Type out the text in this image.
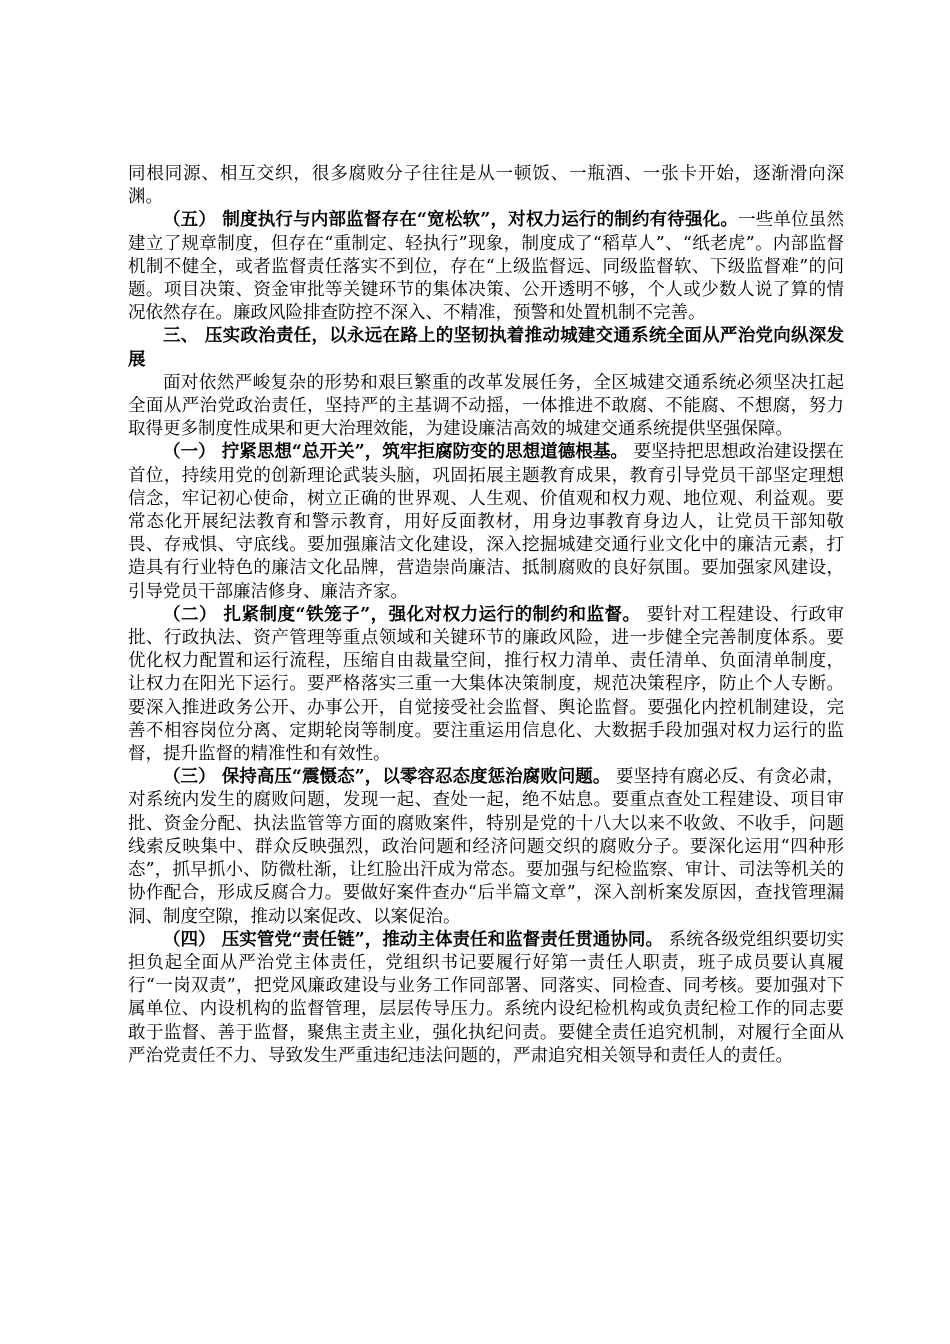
同根同源、相互交织，很多腐败分子往往是从一顿饭、一瓶酒、一张卡开始，逐渐滑向深渊。

（五） 制度执行与内部监督存在“宽松软”，对权力运行的制约有待强化。一些单位虽然建立了规章制度，但存在“重制定、轻执行”现象，制度成了“稻草人”、“纸老虎”。内部监督机制不健全，或者监督责任落实不到位，存在“上级监督远、同级监督软、下级监督难”的问题。项目决策、资金审批等关键环节的集体决策、公开透明不够，个人或少数人说了算的情况依然存在。廉政风险排查防控不深入、不精准，预警和处置机制不完善。

三、 压实政治责任，以永远在路上的坚韧执着推动城建交通系统全面从严治党向纵深发展

面对依然严峻复杂的形势和艰巨繁重的改革发展任务，全区城建交通系统必须坚决扛起全面从严治党政治责任，坚持严的主基调不动摇，一体推进不敢腐、不能腐、不想腐，努力取得更多制度性成果和更大治理效能，为建设廉洁高效的城建交通系统提供坚强保障。

（一） 拧紧思想“总开关”，筑牢拒腐防变的思想道德根基。 要坚持把思想政治建设摆在首位，持续用党的创新理论武装头脑，巩固拓展主题教育成果，教育引导党员干部坚定理想信念，牢记初心使命，树立正确的世界观、人生观、价值观和权力观、地位观、利益观。要常态化开展纪法教育和警示教育，用好反面教材，用身边事教育身边人，让党员干部知敬畏、存戒惧、守底线。要加强廉洁文化建设，深入挖掘城建交通行业文化中的廉洁元素，打造具有行业特色的廉洁文化品牌，营造崇尚廉洁、抵制腐败的良好氛围。要加强家风建设，引导党员干部廉洁修身、廉洁齐家。

（二） 扎紧制度“铁笼子”，强化对权力运行的制约和监督。 要针对工程建设、行政审批、行政执法、资产管理等重点领域和关键环节的廉政风险，进一步健全完善制度体系。要优化权力配置和运行流程，压缩自由裁量空间，推行权力清单、责任清单、负面清单制度，让权力在阳光下运行。要严格落实三重一大集体决策制度，规范决策程序，防止个人专断。要深入推进政务公开、办事公开，自觉接受社会监督、舆论监督。要强化内控机制建设，完善不相容岗位分离、定期轮岗等制度。要注重运用信息化、大数据手段加强对权力运行的监督，提升监督的精准性和有效性。

（三） 保持高压“震慑态”，以零容忍态度惩治腐败问题。 要坚持有腐必反、有贪必肃，对系统内发生的腐败问题，发现一起、查处一起，绝不姑息。要重点查处工程建设、项目审批、资金分配、执法监管等方面的腐败案件，特别是党的十八大以来不收敛、不收手，问题线索反映集中、群众反映强烈，政治问题和经济问题交织的腐败分子。要深化运用“四种形态”，抓早抓小、防微杜渐，让红脸出汗成为常态。要加强与纪检监察、审计、司法等机关的协作配合，形成反腐合力。要做好案件查办“后半篇文章”，深入剖析案发原因，查找管理漏洞、制度空隙，推动以案促改、以案促治。

（四） 压实管党“责任链”，推动主体责任和监督责任贯通协同。 系统各级党组织要切实担负起全面从严治党主体责任，党组织书记要履行好第一责任人职责，班子成员要认真履行“一岗双责”，把党风廉政建设与业务工作同部署、同落实、同检查、同考核。要加强对下属单位、内设机构的监督管理，层层传导压力。系统内设纪检机构或负责纪检工作的同志要敢于监督、善于监督，聚焦主责主业，强化执纪问责。要健全责任追究机制，对履行全面从严治党责任不力、导致发生严重违纪违法问题的，严肃追究相关领导和责任人的责任。
